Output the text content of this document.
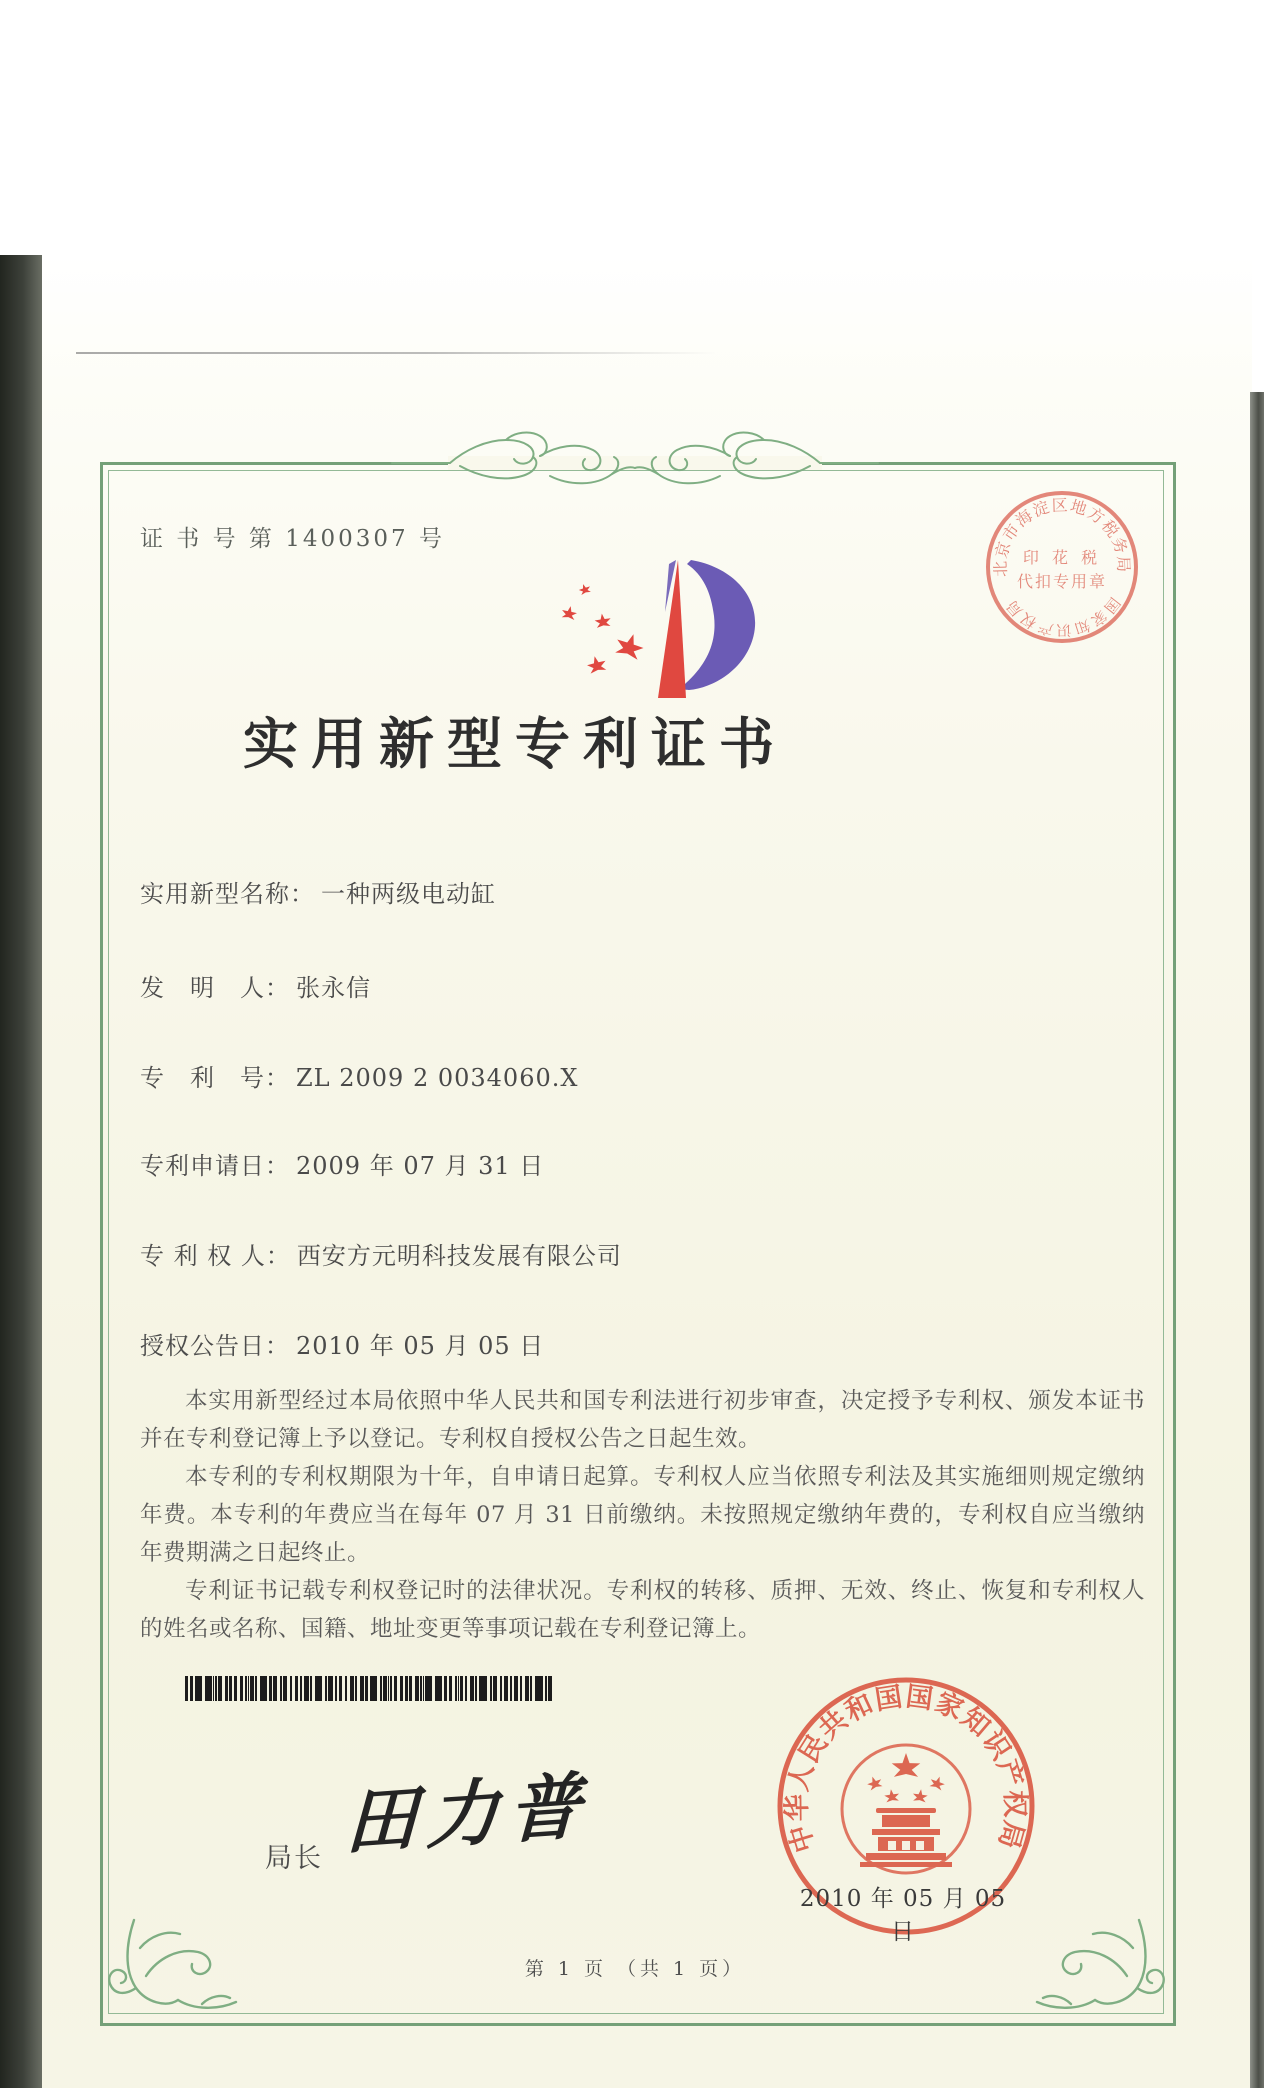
证 书 号 第 1400307 号
实用新型专利证书
实用新型名称： 一种两级电动缸
发　明　人： 张永信
专　利　号： ZL 2009 2 0034060.X
专利申请日： 2009 年 07 月 31 日
专 利 权 人： 西安方元明科技发展有限公司
授权公告日： 2010 年 05 月 05 日

本实用新型经过本局依照中华人民共和国专利法进行初步审查，决定授予专利权、颁发本证书并在专利登记簿上予以登记。专利权自授权公告之日起生效。

本专利的专利权期限为十年，自申请日起算。专利权人应当依照专利法及其实施细则规定缴纳年费。本专利的年费应当在每年 07 月 31 日前缴纳。未按照规定缴纳年费的，专利权自应当缴纳年费期满之日起终止。

专利证书记载专利权登记时的法律状况。专利权的转移、质押、无效、终止、恢复和专利权人的姓名或名称、国籍、地址变更等事项记载在专利登记簿上。

局长 田力普	中华人民共和国国家知识产权局
2010 年 05 月 05 日
北京市海淀区地方税务局
国家知识产权局
印 花 税
代扣专用章
第 1 页 （共 1 页）
